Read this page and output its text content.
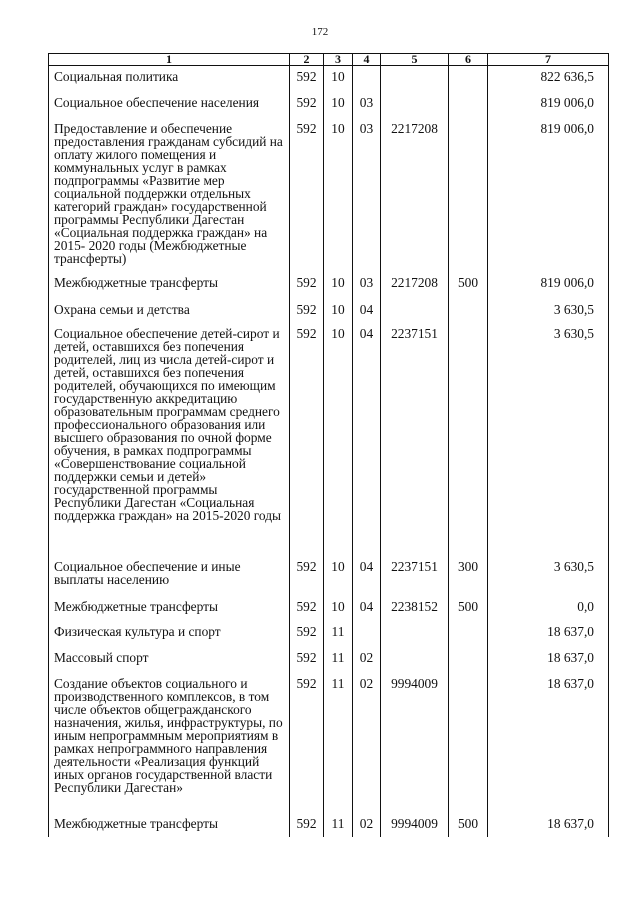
172
1	2	3	4	5	6	7
Социальная политика	592	10				822 636,5
Социальное обеспечение населения	592	10	03			819 006,0
Предоставление и обеспечение предоставления гражданам субсидий на оплату жилого помещения и коммунальных услуг в рамках подпрограммы «Развитие мер социальной поддержки отдельных категорий граждан» государственной программы Республики Дагестан «Социальная поддержка граждан» на 2015- 2020 годы (Межбюджетные трансферты)	592	10	03	2217208		819 006,0
Межбюджетные трансферты	592	10	03	2217208	500	819 006,0
Охрана семьи и детства	592	10	04			3 630,5
Социальное обеспечение детей-сирот и детей, оставшихся без попечения родителей, лиц из числа детей-сирот и детей, оставшихся без попечения родителей, обучающихся по имеющим государственную аккредитацию образовательным программам среднего профессионального образования или высшего образования по очной форме обучения, в рамках подпрограммы «Совершенствование социальной поддержки семьи и детей» государственной программы Республики Дагестан «Социальная поддержка граждан» на 2015-2020 годы	592	10	04	2237151		3 630,5
Социальное обеспечение и иные выплаты населению	592	10	04	2237151	300	3 630,5
Межбюджетные трансферты	592	10	04	2238152	500	0,0
Физическая культура и спорт	592	11				18 637,0
Массовый спорт	592	11	02			18 637,0
Создание объектов социального и производственного комплексов, в том числе объектов общегражданского назначения, жилья, инфраструктуры, по иным непрограммным мероприятиям в рамках непрограммного направления деятельности «Реализация функций иных органов государственной власти Республики Дагестан»	592	11	02	9994009		18 637,0
Межбюджетные трансферты	592	11	02	9994009	500	18 637,0
